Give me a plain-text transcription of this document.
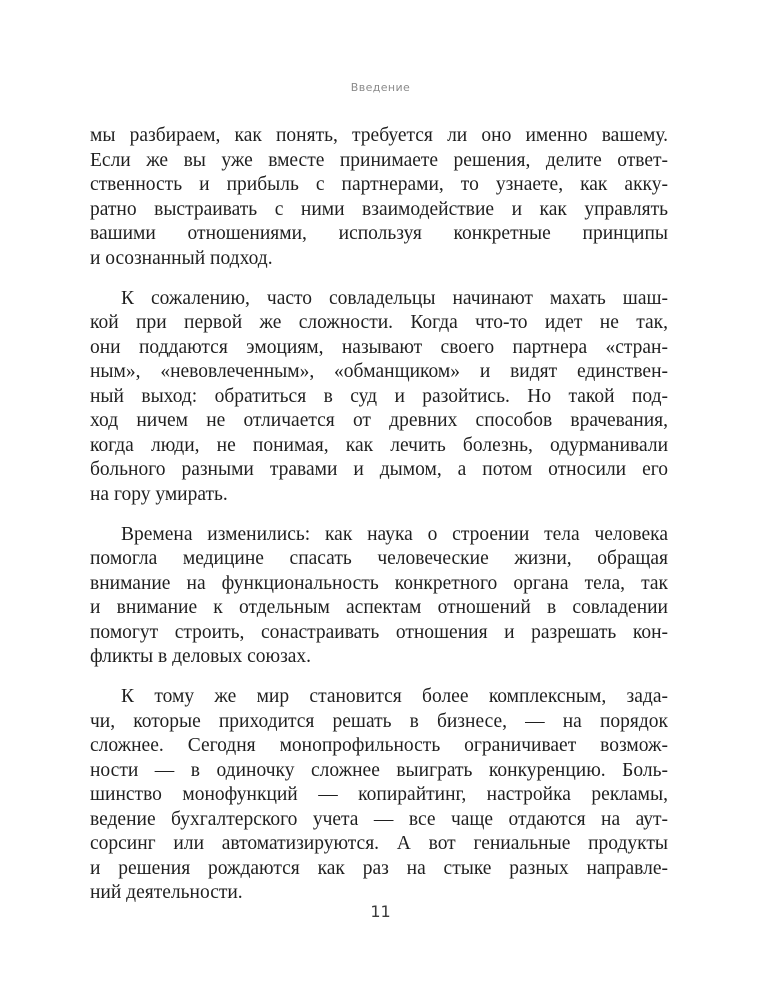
Введение

мы разбираем, как понять, требуется ли оно именно вашему.
Если же вы уже вместе принимаете решения, делите ответ-
ственность и прибыль с партнерами, то узнаете, как акку-
ратно выстраивать с ними взаимодействие и как управлять
вашими отношениями, используя конкретные принципы
и осознанный подход.

К сожалению, часто совладельцы начинают махать шаш-
кой при первой же сложности. Когда что-то идет не так,
они поддаются эмоциям, называют своего партнера «стран-
ным», «невовлеченным», «обманщиком» и видят единствен-
ный выход: обратиться в суд и разойтись. Но такой под-
ход ничем не отличается от древних способов врачевания,
когда люди, не понимая, как лечить болезнь, одурманивали
больного разными травами и дымом, а потом относили его
на гору умирать.

Времена изменились: как наука о строении тела человека
помогла медицине спасать человеческие жизни, обращая
внимание на функциональность конкретного органа тела, так
и внимание к отдельным аспектам отношений в совладении
помогут строить, сонастраивать отношения и разрешать кон-
фликты в деловых союзах.

К тому же мир становится более комплексным, зада-
чи, которые приходится решать в бизнесе, — на порядок
сложнее. Сегодня монопрофильность ограничивает возмож-
ности — в одиночку сложнее выиграть конкуренцию. Боль-
шинство монофункций — копирайтинг, настройка рекламы,
ведение бухгалтерского учета — все чаще отдаются на аут-
сорсинг или автоматизируются. А вот гениальные продукты
и решения рождаются как раз на стыке разных направле-
ний деятельности.

11
